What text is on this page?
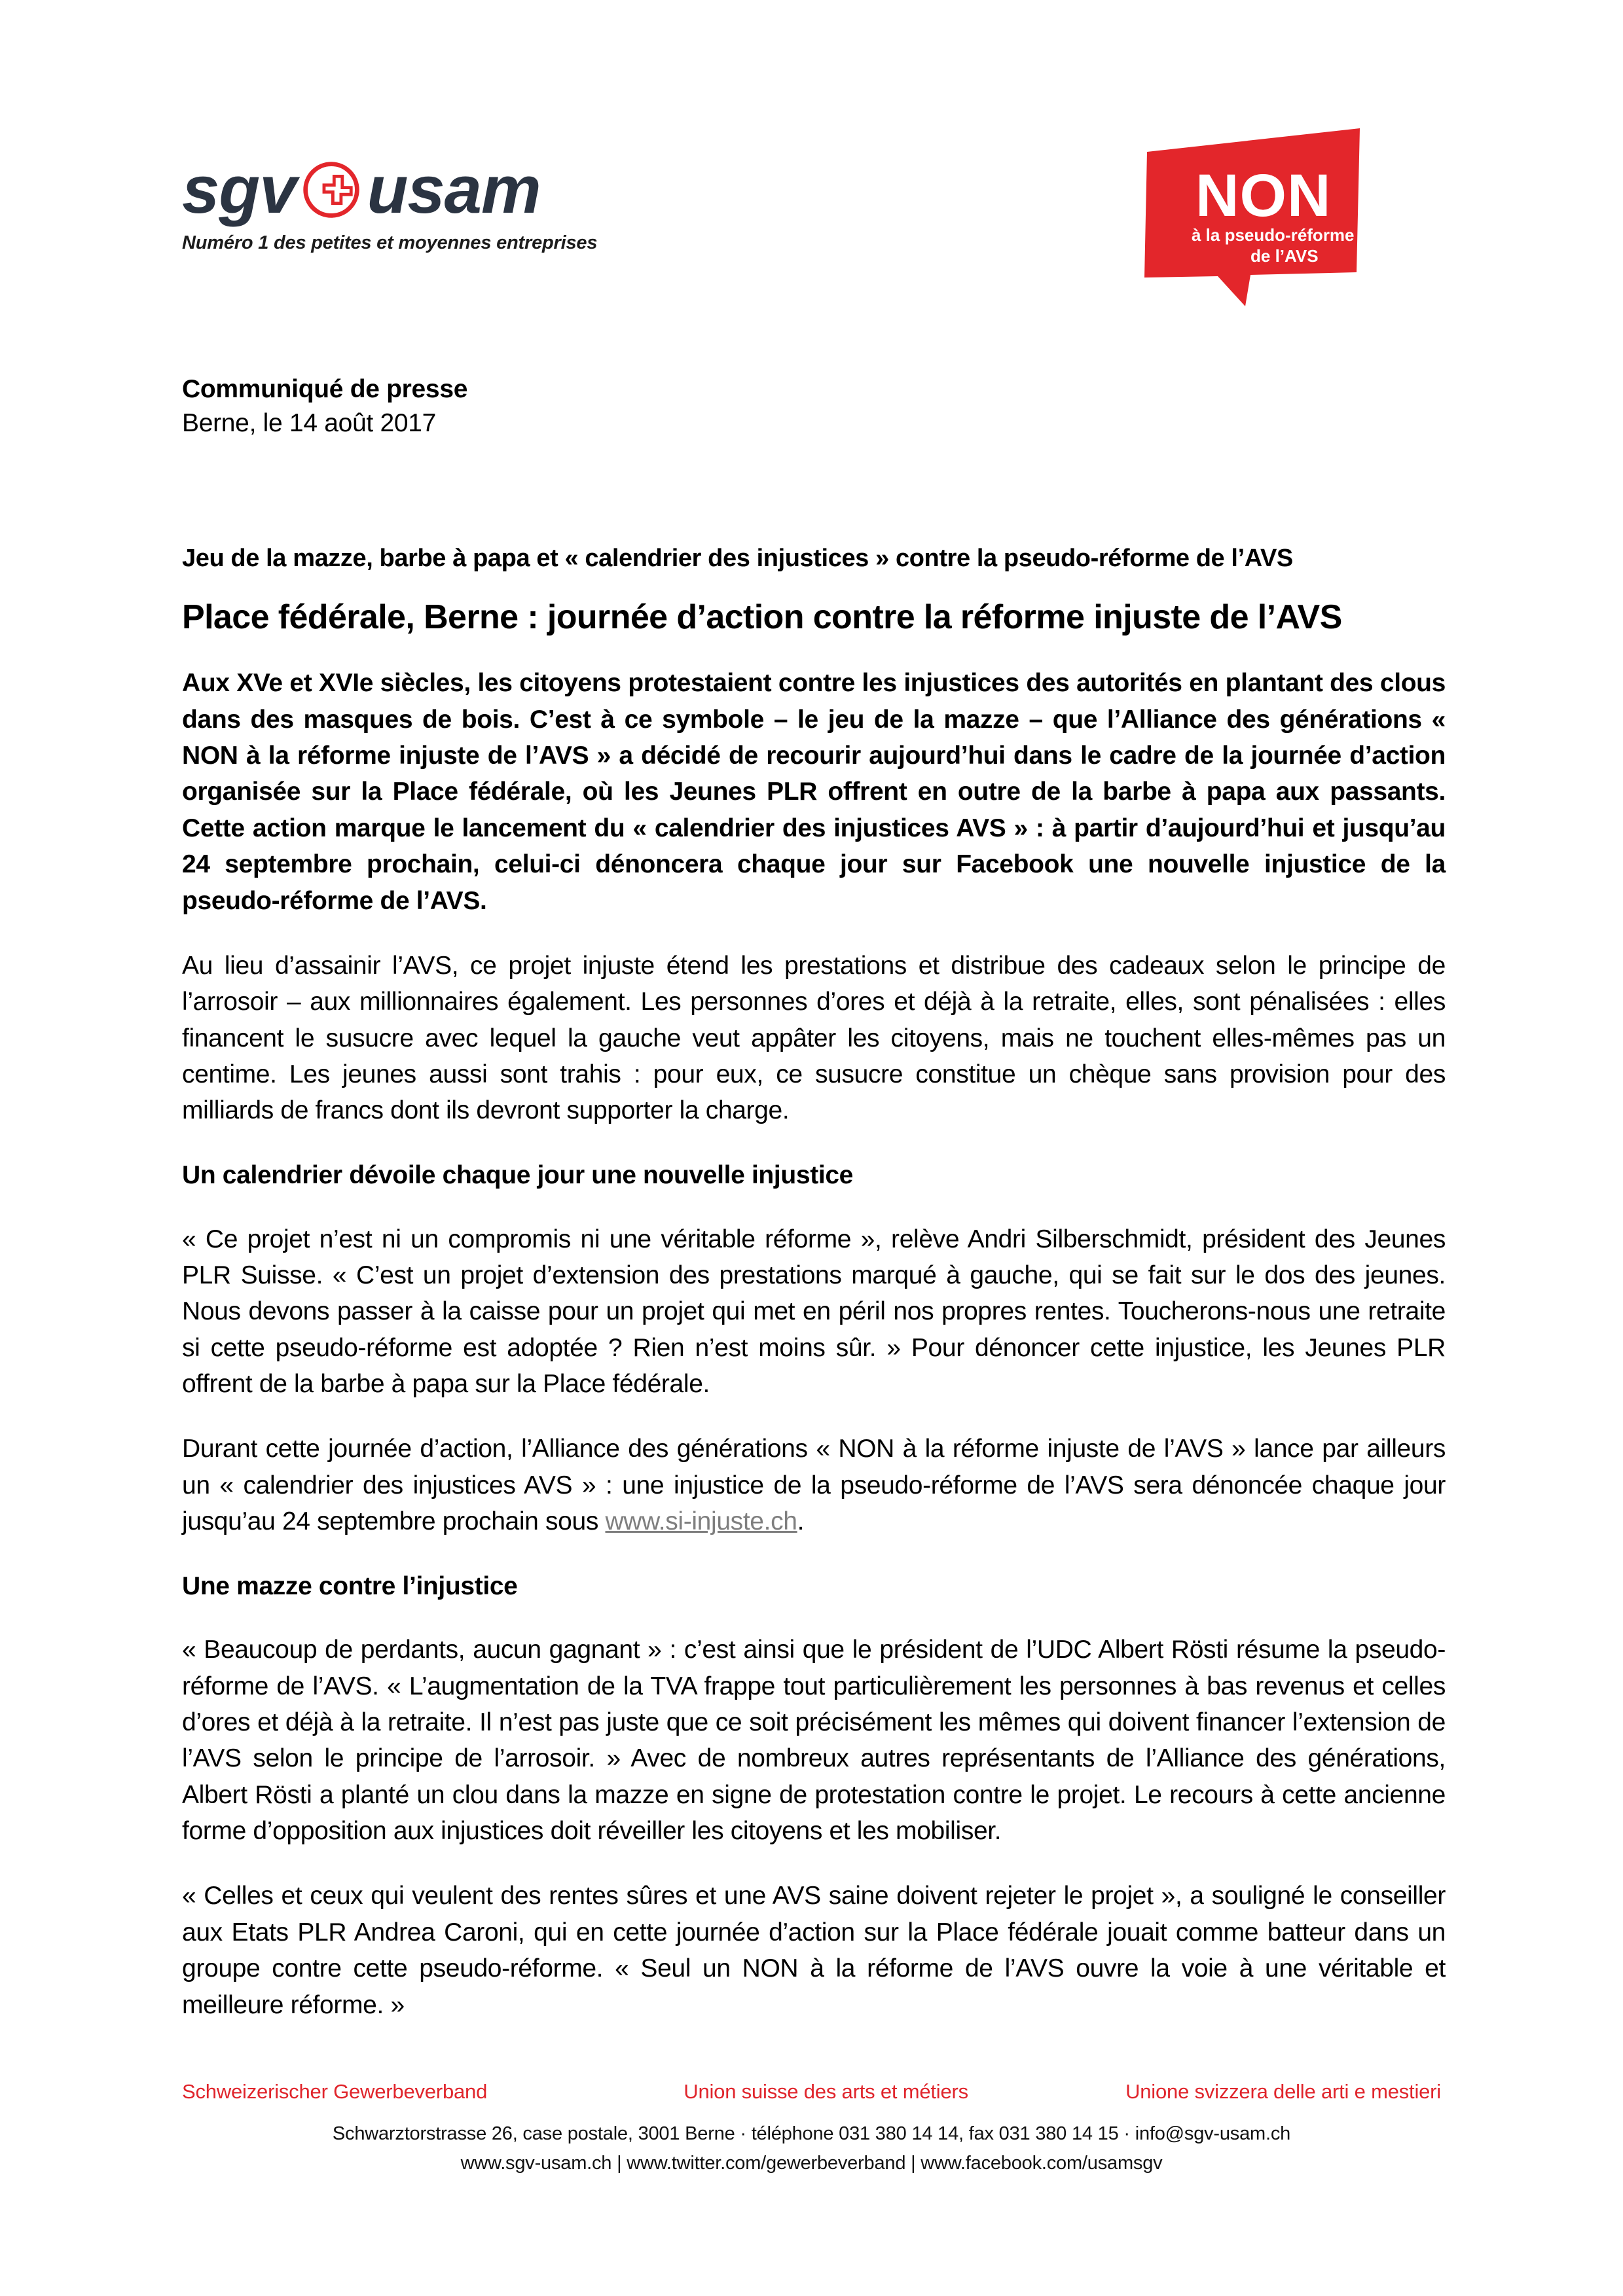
sgv usam
Numéro 1 des petites et moyennes entreprises
NON
à la pseudo-réforme
de l’AVS
Communiqué de presse
Berne, le 14 août 2017
Jeu de la mazze, barbe à papa et « calendrier des injustices » contre la pseudo-réforme de l’AVS
Place fédérale, Berne : journée d’action contre la réforme injuste de l’AVS

Aux XVe et XVIe siècles, les citoyens protestaient contre les injustices des autorités en plantant des clous dans des masques de bois. C’est à ce symbole – le jeu de la mazze – que l’Alliance des générations « NON à la réforme injuste de l’AVS » a décidé de recourir aujourd’hui dans le cadre de la journée d’action organisée sur la Place fédérale, où les Jeunes PLR offrent en outre de la barbe à papa aux passants. Cette action marque le lancement du « calendrier des injustices AVS » : à partir d’aujourd’hui et jusqu’au 24 septembre prochain, celui-ci dénoncera chaque jour sur Facebook une nouvelle injustice de la pseudo-réforme de l’AVS.

Au lieu d’assainir l’AVS, ce projet injuste étend les prestations et distribue des cadeaux selon le principe de l’arrosoir – aux millionnaires également. Les personnes d’ores et déjà à la retraite, elles, sont pénalisées : elles financent le susucre avec lequel la gauche veut appâter les citoyens, mais ne touchent elles-mêmes pas un centime. Les jeunes aussi sont trahis : pour eux, ce susucre constitue un chèque sans provision pour des milliards de francs dont ils devront supporter la charge.

Un calendrier dévoile chaque jour une nouvelle injustice

« Ce projet n’est ni un compromis ni une véritable réforme », relève Andri Silberschmidt, président des Jeunes PLR Suisse. « C’est un projet d’extension des prestations marqué à gauche, qui se fait sur le dos des jeunes. Nous devons passer à la caisse pour un projet qui met en péril nos propres rentes. Toucherons-nous une retraite si cette pseudo-réforme est adoptée ? Rien n’est moins sûr. » Pour dénoncer cette injustice, les Jeunes PLR offrent de la barbe à papa sur la Place fédérale.

Durant cette journée d’action, l’Alliance des générations « NON à la réforme injuste de l’AVS » lance par ailleurs un « calendrier des injustices AVS » : une injustice de la pseudo-réforme de l’AVS sera dénoncée chaque jour jusqu’au 24 septembre prochain sous www.si-injuste.ch.

Une mazze contre l’injustice

« Beaucoup de perdants, aucun gagnant » : c’est ainsi que le président de l’UDC Albert Rösti résume la pseudo-réforme de l’AVS. « L’augmentation de la TVA frappe tout particulièrement les personnes à bas revenus et celles d’ores et déjà à la retraite. Il n’est pas juste que ce soit précisément les mêmes qui doivent financer l’extension de l’AVS selon le principe de l’arrosoir. » Avec de nombreux autres représentants de l’Alliance des générations, Albert Rösti a planté un clou dans la mazze en signe de protestation contre le projet. Le recours à cette ancienne forme d’opposition aux injustices doit réveiller les citoyens et les mobiliser.

« Celles et ceux qui veulent des rentes sûres et une AVS saine doivent rejeter le projet », a souligné le conseiller aux Etats PLR Andrea Caroni, qui en cette journée d’action sur la Place fédérale jouait comme batteur dans un groupe contre cette pseudo-réforme. « Seul un NON à la réforme de l’AVS ouvre la voie à une véritable et meilleure réforme. »

Schweizerischer Gewerbeverband	Union suisse des arts et métiers	Unione svizzera delle arti e mestieri
Schwarztorstrasse 26, case postale, 3001 Berne · téléphone 031 380 14 14, fax 031 380 14 15 · info@sgv-usam.ch
www.sgv-usam.ch | www.twitter.com/gewerbeverband | www.facebook.com/usamsgv
